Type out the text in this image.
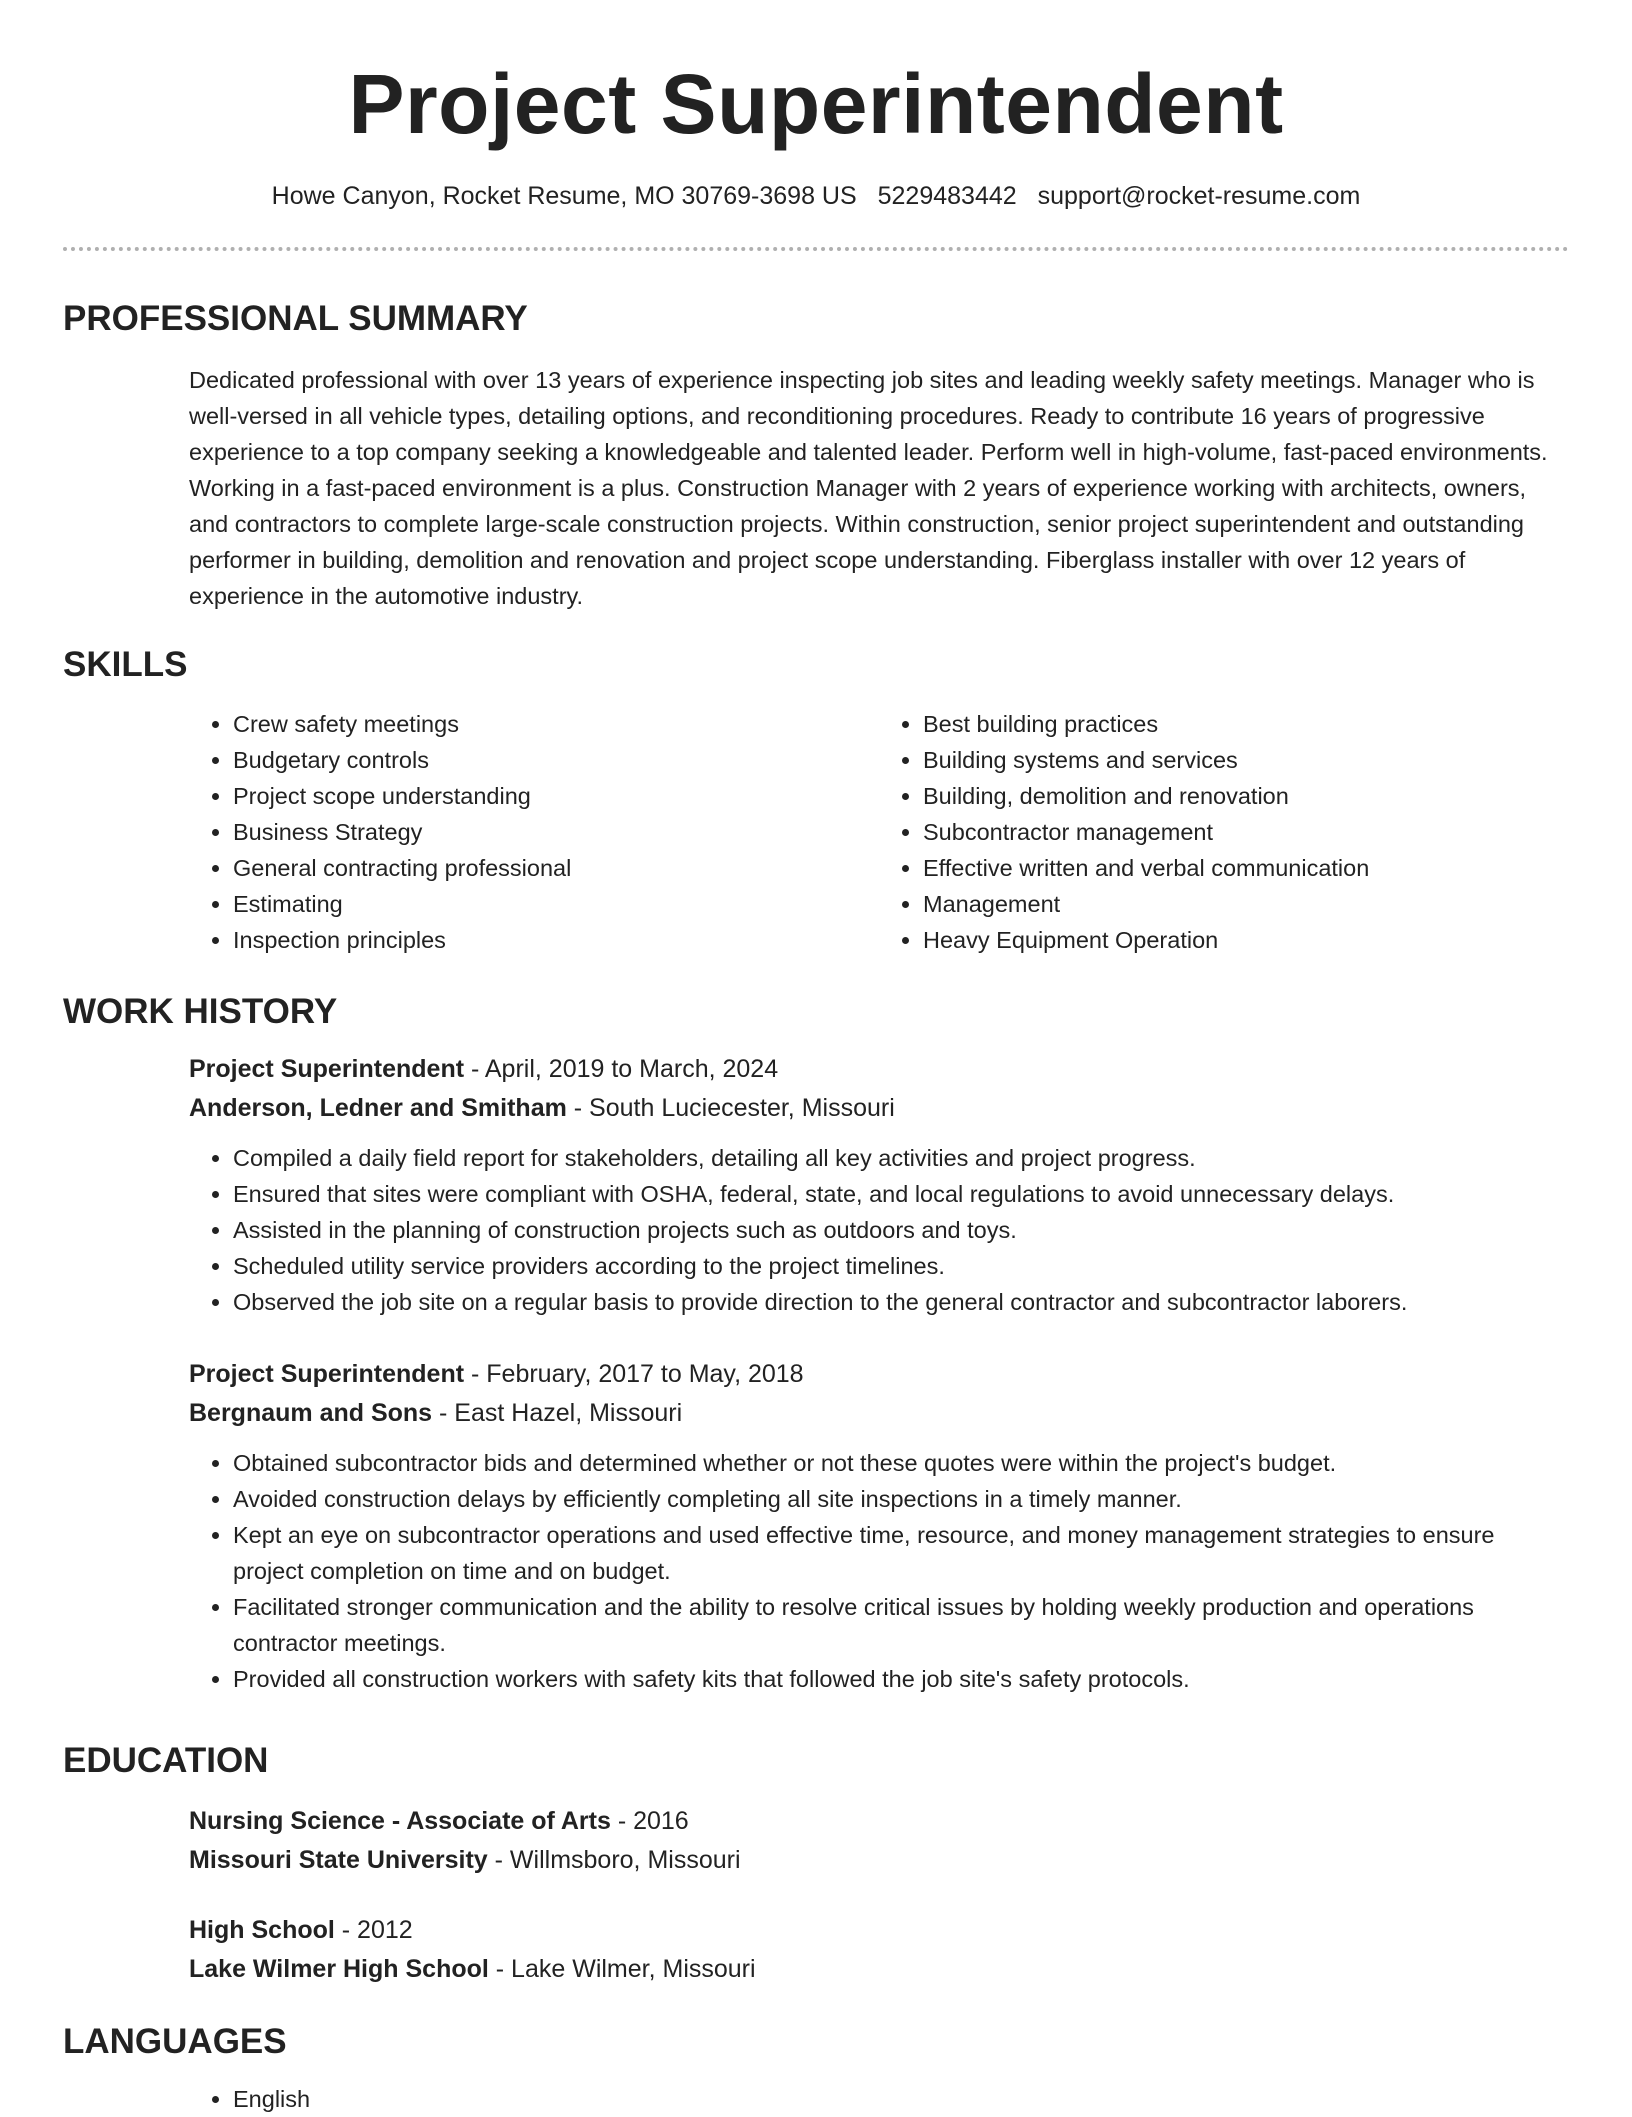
Project Superintendent
Howe Canyon, Rocket Resume, MO 30769-3698 US 5229483442 support@rocket-resume.com
PROFESSIONAL SUMMARY

Dedicated professional with over 13 years of experience inspecting job sites and leading weekly safety meetings. Manager who is well-versed in all vehicle types, detailing options, and reconditioning procedures. Ready to contribute 16 years of progressive experience to a top company seeking a knowledgeable and talented leader. Perform well in high-volume, fast-paced environments. Working in a fast-paced environment is a plus. Construction Manager with 2 years of experience working with architects, owners, and contractors to complete large-scale construction projects. Within construction, senior project superintendent and outstanding performer in building, demolition and renovation and project scope understanding. Fiberglass installer with over 12 years of experience in the automotive industry.

SKILLS
• Crew safety meetings
• Budgetary controls
• Project scope understanding
• Business Strategy
• General contracting professional
• Estimating
• Inspection principles
• Best building practices
• Building systems and services
• Building, demolition and renovation
• Subcontractor management
• Effective written and verbal communication
• Management
• Heavy Equipment Operation
WORK HISTORY
Project Superintendent - April, 2019 to March, 2024
Anderson, Ledner and Smitham - South Luciecester, Missouri
• Compiled a daily field report for stakeholders, detailing all key activities and project progress.
• Ensured that sites were compliant with OSHA, federal, state, and local regulations to avoid unnecessary delays.
• Assisted in the planning of construction projects such as outdoors and toys.
• Scheduled utility service providers according to the project timelines.
• Observed the job site on a regular basis to provide direction to the general contractor and subcontractor laborers.
Project Superintendent - February, 2017 to May, 2018
Bergnaum and Sons - East Hazel, Missouri
• Obtained subcontractor bids and determined whether or not these quotes were within the project's budget.
• Avoided construction delays by efficiently completing all site inspections in a timely manner.
• Kept an eye on subcontractor operations and used effective time, resource, and money management strategies to ensure project completion on time and on budget.
• Facilitated stronger communication and the ability to resolve critical issues by holding weekly production and operations contractor meetings.
• Provided all construction workers with safety kits that followed the job site's safety protocols.
EDUCATION
Nursing Science - Associate of Arts - 2016
Missouri State University - Willmsboro, Missouri
High School - 2012
Lake Wilmer High School - Lake Wilmer, Missouri
LANGUAGES
• English
